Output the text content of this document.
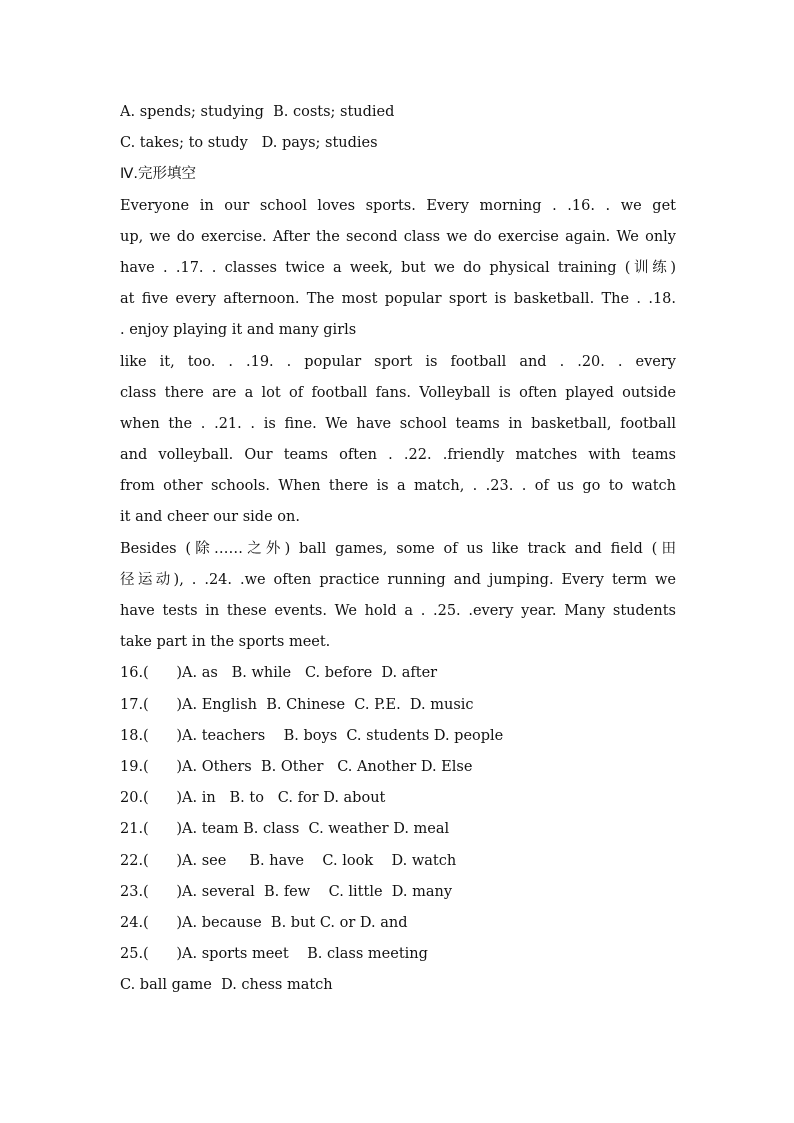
A. spends; studying  B. costs; studied
C. takes; to study   D. pays; studies
Ⅳ.完形填空
Everyone in our school loves sports. Every morning . .16. . we get
up, we do exercise. After the second class we do exercise again. We only
have . .17. . classes twice a week, but we do physical training (训练)
at five every afternoon. The most popular sport is basketball. The . .18.
. enjoy playing it and many girls
like it, too. . .19. . popular sport is football and . .20. . every
class there are a lot of football fans. Volleyball is often played outside
when the . .21. . is fine. We have school teams in basketball, football
and volleyball. Our teams often . .22. .friendly matches with teams
from other schools. When there is a match, . .23. . of us go to watch
it and cheer our side on.
Besides (除……之外) ball games, some of us like track and field (田
径运动), . .24. .we often practice running and jumping. Every term we
have tests in these events. We hold a . .25. .every year. Many students
take part in the sports meet.
16.(      )A. as   B. while   C. before  D. after
17.(      )A. English  B. Chinese  C. P.E.  D. music
18.(      )A. teachers    B. boys  C. students D. people
19.(      )A. Others  B. Other   C. Another D. Else
20.(      )A. in   B. to   C. for D. about
21.(      )A. team B. class  C. weather D. meal
22.(      )A. see     B. have    C. look    D. watch
23.(      )A. several  B. few    C. little  D. many
24.(      )A. because  B. but C. or D. and
25.(      )A. sports meet    B. class meeting
C. ball game  D. chess match
